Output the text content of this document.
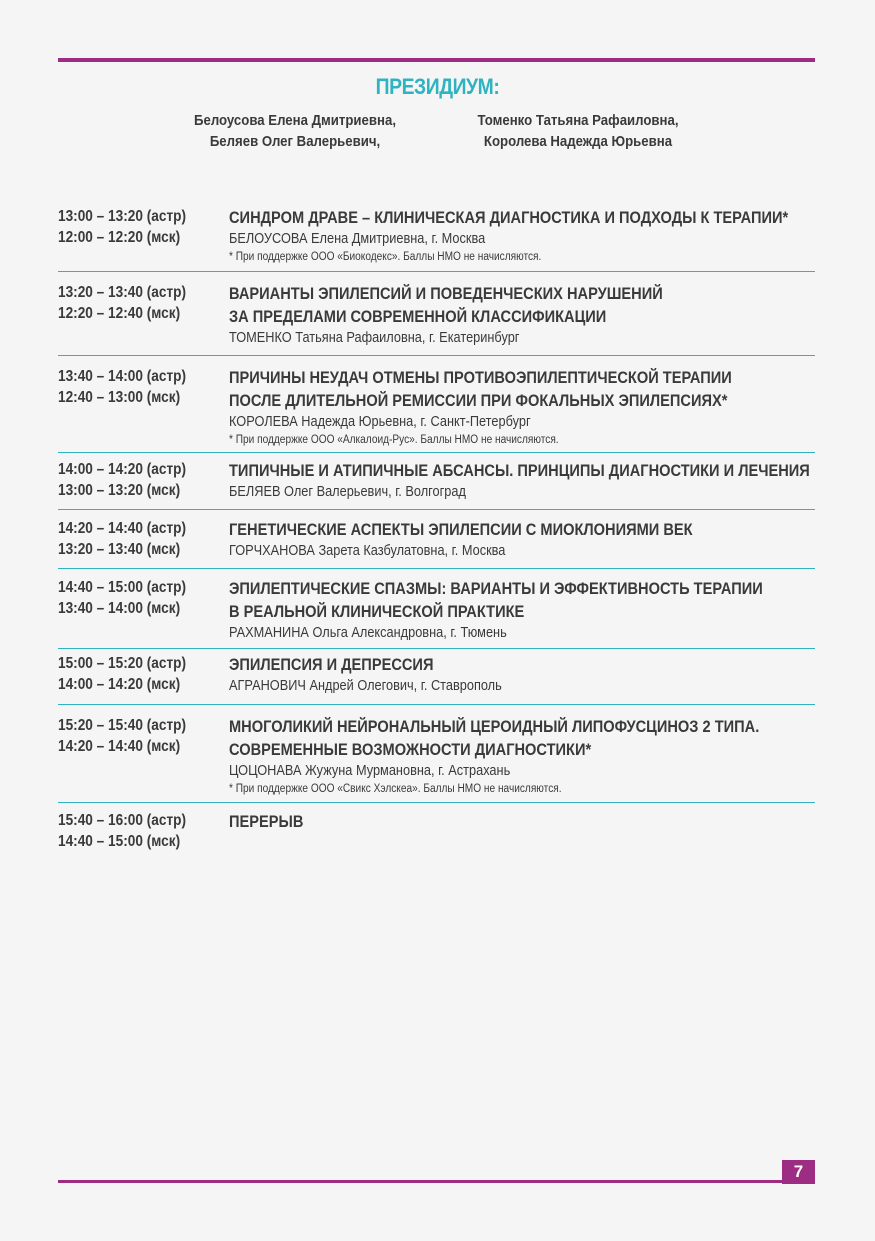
ПРЕЗИДИУМ:
Белоусова Елена Дмитриевна,
Беляев Олег Валерьевич,
Томенко Татьяна Рафаиловна,
Королева Надежда Юрьевна
13:00 – 13:20 (астр)
12:00 – 12:20 (мск)
СИНДРОМ ДРАВЕ – КЛИНИЧЕСКАЯ ДИАГНОСТИКА И ПОДХОДЫ К ТЕРАПИИ*
БЕЛОУСОВА Елена Дмитриевна, г. Москва
* При поддержке ООО «Биокодекс». Баллы НМО не начисляются.
13:20 – 13:40 (астр)
12:20 – 12:40 (мск)
ВАРИАНТЫ ЭПИЛЕПСИЙ И ПОВЕДЕНЧЕСКИХ НАРУШЕНИЙ
ЗА ПРЕДЕЛАМИ СОВРЕМЕННОЙ КЛАССИФИКАЦИИ
ТОМЕНКО Татьяна Рафаиловна, г. Екатеринбург
13:40 – 14:00 (астр)
12:40 – 13:00 (мск)
ПРИЧИНЫ НЕУДАЧ ОТМЕНЫ ПРОТИВОЭПИЛЕПТИЧЕСКОЙ ТЕРАПИИ
ПОСЛЕ ДЛИТЕЛЬНОЙ РЕМИССИИ ПРИ ФОКАЛЬНЫХ ЭПИЛЕПСИЯХ*
КОРОЛЕВА Надежда Юрьевна, г. Санкт-Петербург
* При поддержке ООО «Алкалоид-Рус». Баллы НМО не начисляются.
14:00 – 14:20 (астр)
13:00 – 13:20 (мск)
ТИПИЧНЫЕ И АТИПИЧНЫЕ АБСАНСЫ. ПРИНЦИПЫ ДИАГНОСТИКИ И ЛЕЧЕНИЯ
БЕЛЯЕВ Олег Валерьевич, г. Волгоград
14:20 – 14:40 (астр)
13:20 – 13:40 (мск)
ГЕНЕТИЧЕСКИЕ АСПЕКТЫ ЭПИЛЕПСИИ С МИОКЛОНИЯМИ ВЕК
ГОРЧХАНОВА Зарета Казбулатовна, г. Москва
14:40 – 15:00 (астр)
13:40 – 14:00 (мск)
ЭПИЛЕПТИЧЕСКИЕ СПАЗМЫ: ВАРИАНТЫ И ЭФФЕКТИВНОСТЬ ТЕРАПИИ
В РЕАЛЬНОЙ КЛИНИЧЕСКОЙ ПРАКТИКЕ
РАХМАНИНА Ольга Александровна, г. Тюмень
15:00 – 15:20 (астр)
14:00 – 14:20 (мск)
ЭПИЛЕПСИЯ И ДЕПРЕССИЯ
АГРАНОВИЧ Андрей Олегович, г. Ставрополь
15:20 – 15:40 (астр)
14:20 – 14:40 (мск)
МНОГОЛИКИЙ НЕЙРОНАЛЬНЫЙ ЦЕРОИДНЫЙ ЛИПОФУСЦИНОЗ 2 ТИПА.
СОВРЕМЕННЫЕ ВОЗМОЖНОСТИ ДИАГНОСТИКИ*
ЦОЦОНАВА Жужуна Мурмановна, г. Астрахань
* При поддержке ООО «Свикс Хэлскеа». Баллы НМО не начисляются.
15:40 – 16:00 (астр)
14:40 – 15:00 (мск)
ПЕРЕРЫВ
7
